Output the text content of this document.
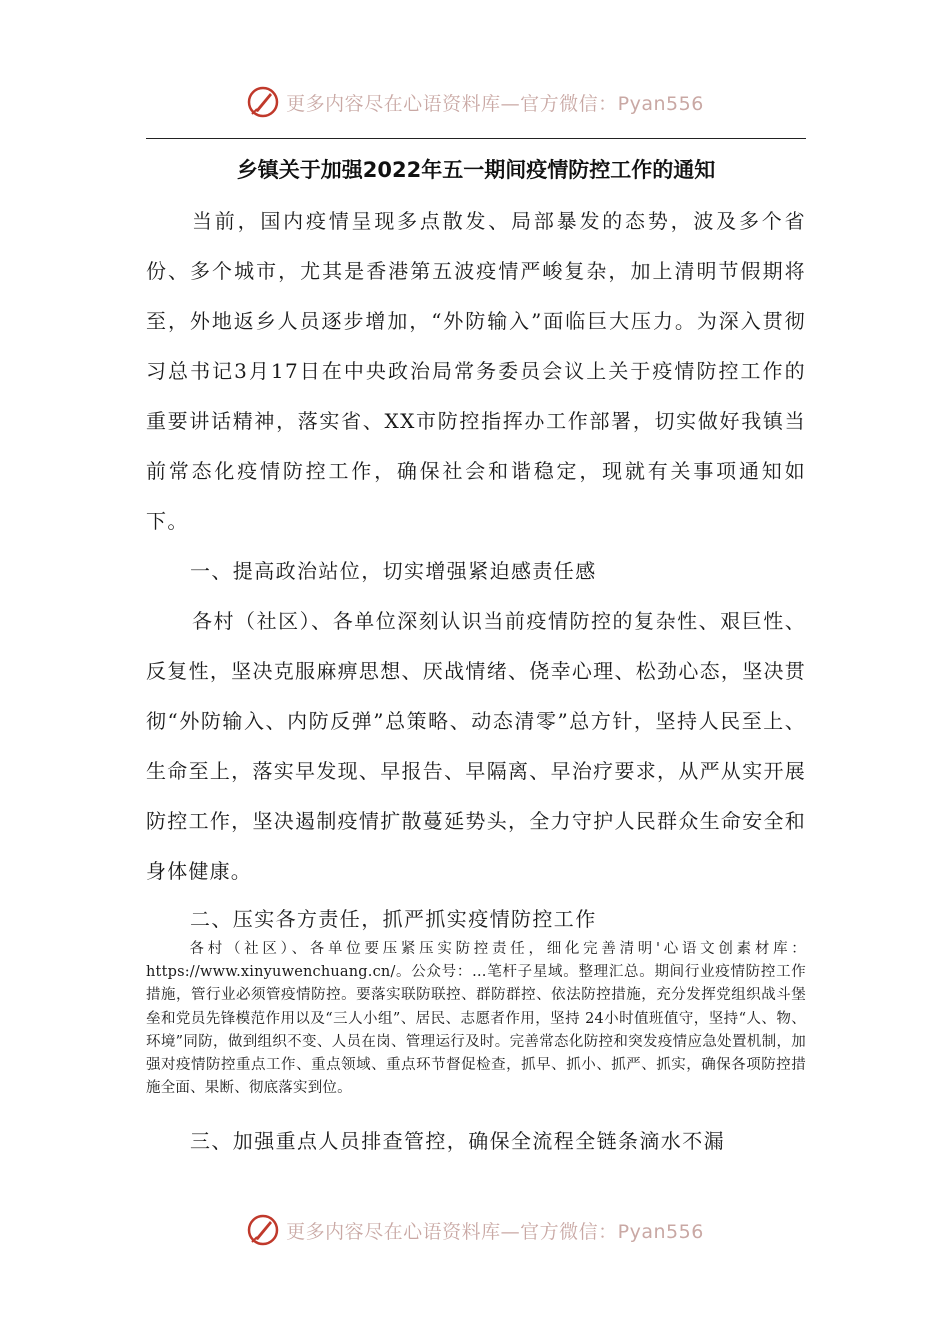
更多内容尽在心语资料库—官方微信：Pyan556
乡镇关于加强2022年五一期间疫情防控工作的通知

当前，国内疫情呈现多点散发、局部暴发的态势，波及多个省份、多个城市，尤其是香港第五波疫情严峻复杂，加上清明节假期将至，外地返乡人员逐步增加，“外防输入”面临巨大压力。为深入贯彻习总书记3月17日在中央政治局常务委员会议上关于疫情防控工作的重要讲话精神，落实省、XX市防控指挥办工作部署，切实做好我镇当前常态化疫情防控工作，确保社会和谐稳定，现就有关事项通知如下。

一、提高政治站位，切实增强紧迫感责任感

各村（社区）、各单位深刻认识当前疫情防控的复杂性、艰巨性、反复性，坚决克服麻痹思想、厌战情绪、侥幸心理、松劲心态，坚决贯彻“外防输入、内防反弹”总策略、动态清零”总方针，坚持人民至上、生命至上，落实早发现、早报告、早隔离、早治疗要求，从严从实开展防控工作，坚决遏制疫情扩散蔓延势头，全力守护人民群众生命安全和身体健康。

二、压实各方责任，抓严抓实疫情防控工作

各村（社区）、各单位要压紧压实防控责任，细化完善清明'心语文创素材库：https://www.xinyuwenchuang.cn/。公众号：…笔杆子星域。整理汇总。期间行业疫情防控工作措施，管行业必须管疫情防控。要落实联防联控、群防群控、依法防控措施，充分发挥党组织战斗堡垒和党员先锋模范作用以及“三人小组”、居民、志愿者作用，坚持 24小时值班值守，坚持“人、物、环境”同防，做到组织不变、人员在岗、管理运行及时。完善常态化防控和突发疫情应急处置机制，加强对疫情防控重点工作、重点领域、重点环节督促检查，抓早、抓小、抓严、抓实，确保各项防控措施全面、果断、彻底落实到位。

三、加强重点人员排查管控，确保全流程全链条滴水不漏

更多内容尽在心语资料库—官方微信：Pyan556
